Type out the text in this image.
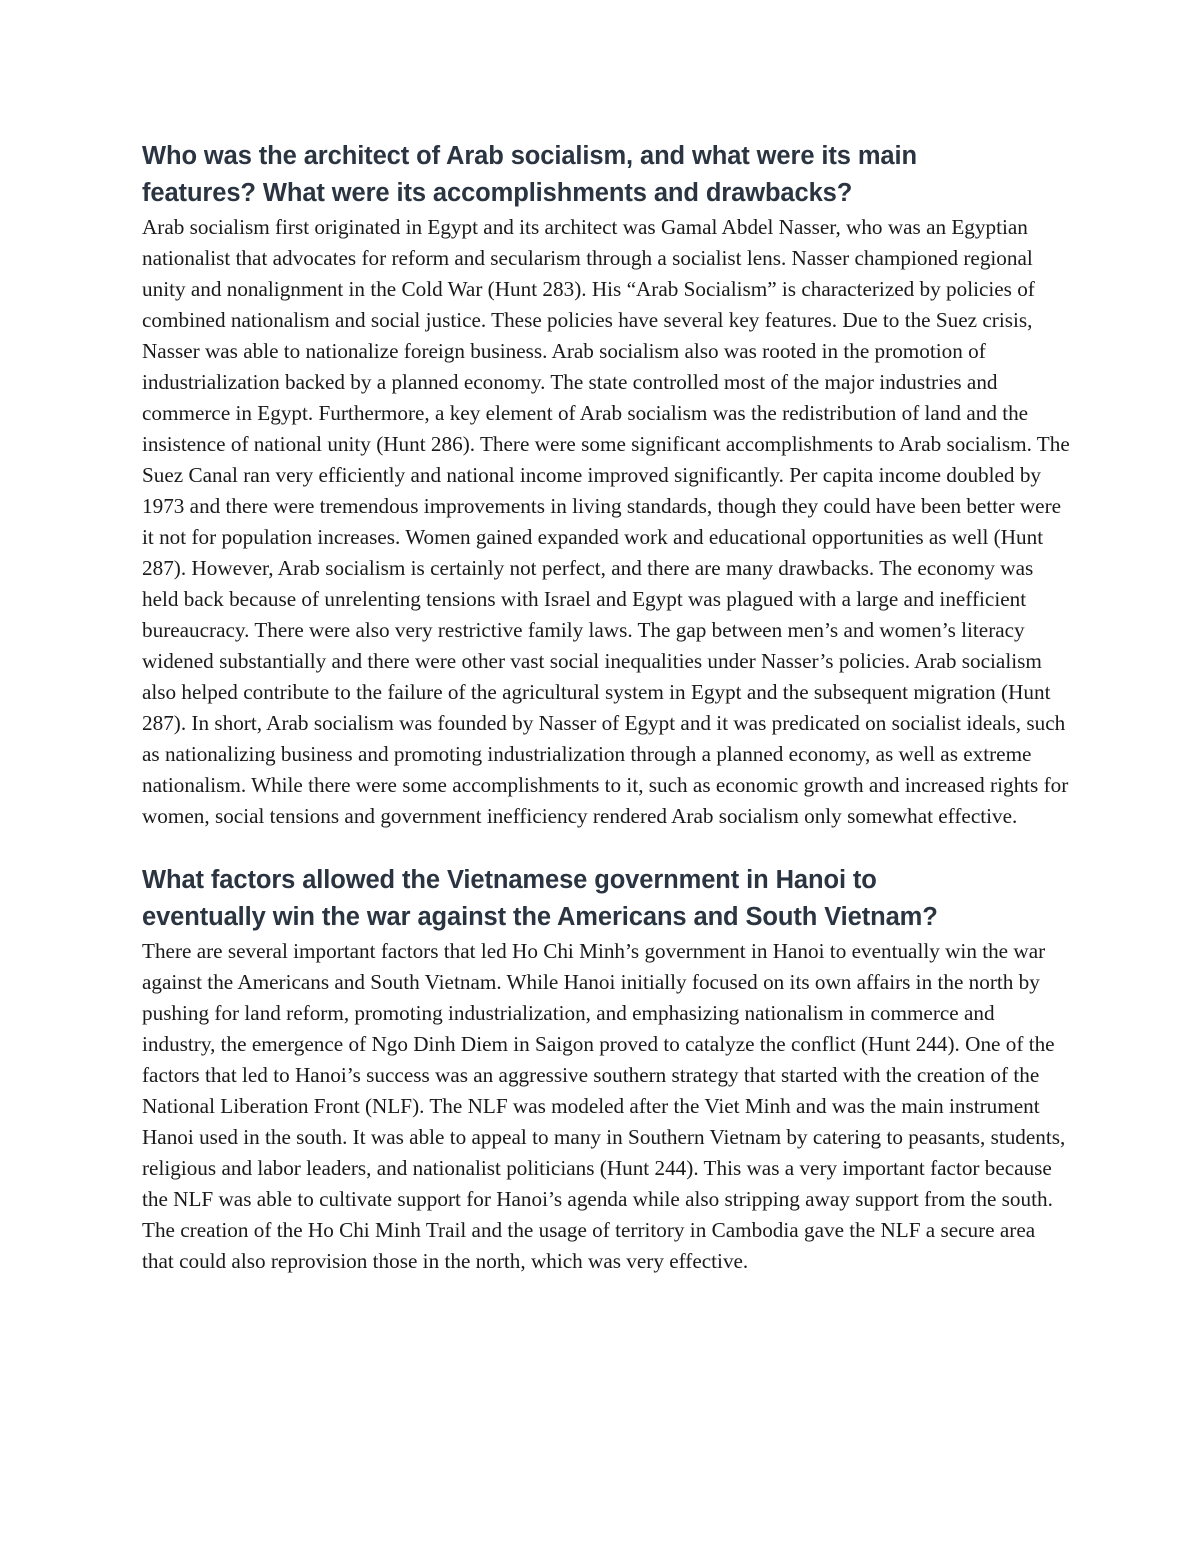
Who was the architect of Arab socialism, and what were its main
features? What were its accomplishments and drawbacks?

Arab socialism first originated in Egypt and its architect was Gamal Abdel Nasser, who was an Egyptian nationalist that advocates for reform and secularism through a socialist lens. Nasser championed regional unity and nonalignment in the Cold War (Hunt 283). His “Arab Socialism” is characterized by policies of combined nationalism and social justice. These policies have several key features. Due to the Suez crisis, Nasser was able to nationalize foreign business. Arab socialism also was rooted in the promotion of industrialization backed by a planned economy. The state controlled most of the major industries and commerce in Egypt. Furthermore, a key element of Arab socialism was the redistribution of land and the insistence of national unity (Hunt 286). There were some significant accomplishments to Arab socialism. The Suez Canal ran very efficiently and national income improved significantly. Per capita income doubled by 1973 and there were tremendous improvements in living standards, though they could have been better were it not for population increases. Women gained expanded work and educational opportunities as well (Hunt 287). However, Arab socialism is certainly not perfect, and there are many drawbacks. The economy was held back because of unrelenting tensions with Israel and Egypt was plagued with a large and inefficient bureaucracy. There were also very restrictive family laws. The gap between men’s and women’s literacy widened substantially and there were other vast social inequalities under Nasser’s policies. Arab socialism also helped contribute to the failure of the agricultural system in Egypt and the subsequent migration (Hunt 287). In short, Arab socialism was founded by Nasser of Egypt and it was predicated on socialist ideals, such as nationalizing business and promoting industrialization through a planned economy, as well as extreme nationalism. While there were some accomplishments to it, such as economic growth and increased rights for women, social tensions and government inefficiency rendered Arab socialism only somewhat effective.

What factors allowed the Vietnamese government in Hanoi to
eventually win the war against the Americans and South Vietnam?

There are several important factors that led Ho Chi Minh’s government in Hanoi to eventually win the war against the Americans and South Vietnam. While Hanoi initially focused on its own affairs in the north by pushing for land reform, promoting industrialization, and emphasizing nationalism in commerce and industry, the emergence of Ngo Dinh Diem in Saigon proved to catalyze the conflict (Hunt 244). One of the factors that led to Hanoi’s success was an aggressive southern strategy that started with the creation of the National Liberation Front (NLF). The NLF was modeled after the Viet Minh and was the main instrument Hanoi used in the south. It was able to appeal to many in Southern Vietnam by catering to peasants, students, religious and labor leaders, and nationalist politicians (Hunt 244). This was a very important factor because the NLF was able to cultivate support for Hanoi’s agenda while also stripping away support from the south. The creation of the Ho Chi Minh Trail and the usage of territory in Cambodia gave the NLF a secure area that could also reprovision those in the north, which was very effective.
